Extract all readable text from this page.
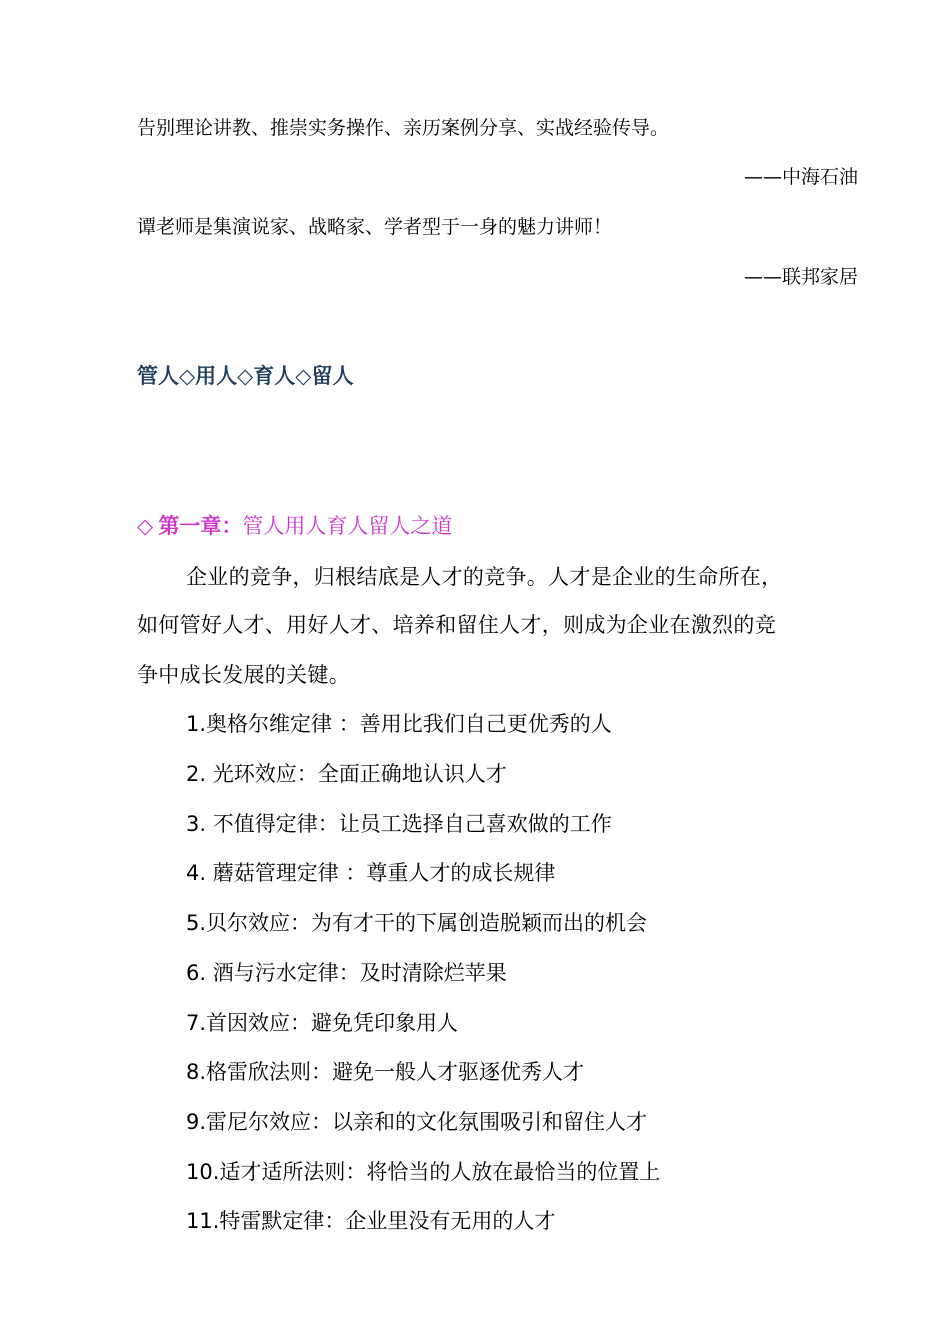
告别理论讲教、推崇实务操作、亲历案例分享、实战经验传导。
——中海石油
谭老师是集演说家、战略家、学者型于一身的魅力讲师！
——联邦家居
管人◇用人◇育人◇留人
◇ 第一章：管人用人育人留人之道
企业的竞争，归根结底是人才的竞争。人才是企业的生命所在，
如何管好人才、用好人才、培养和留住人才，则成为企业在激烈的竞
争中成长发展的关键。
1.奥格尔维定律 ：善用比我们自己更优秀的人
2. 光环效应：全面正确地认识人才
3. 不值得定律：让员工选择自己喜欢做的工作
4. 蘑菇管理定律 ：尊重人才的成长规律
5.贝尔效应：为有才干的下属创造脱颖而出的机会
6. 酒与污水定律：及时清除烂苹果
7.首因效应：避免凭印象用人
8.格雷欣法则：避免一般人才驱逐优秀人才
9.雷尼尔效应：以亲和的文化氛围吸引和留住人才
10.适才适所法则：将恰当的人放在最恰当的位置上
11.特雷默定律：企业里没有无用的人才
